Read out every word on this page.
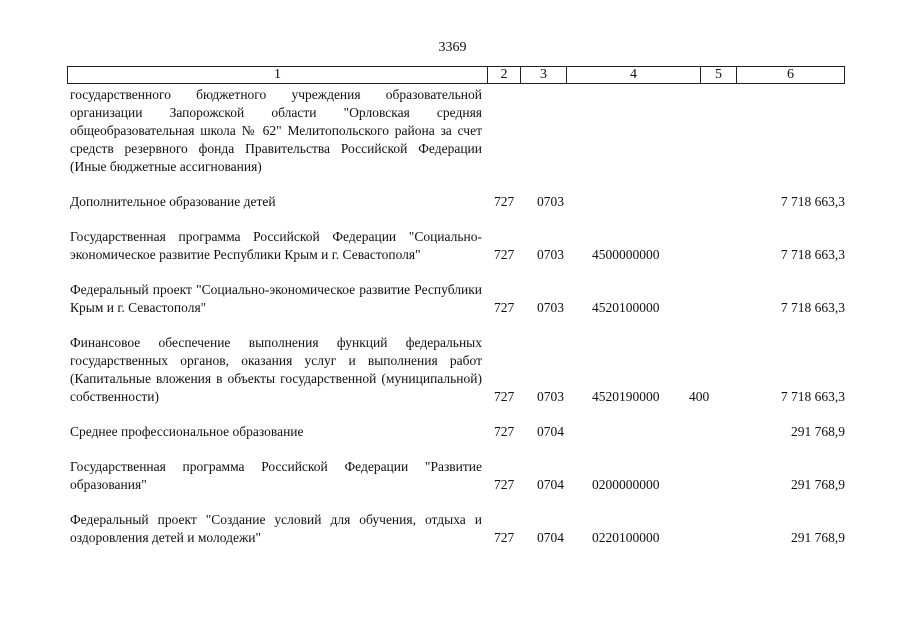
3369
1	2	3	4	5	6
государственного бюджетного учреждения образовательной организации Запорожской области "Орловская средняя общеобразовательная школа № 62" Мелитопольского района за счет средств резервного фонда Правительства Российской Федерации (Иные бюджетные ассигнования)
Дополнительное образование детей	727 0703	7 718 663,3
Государственная программа Российской Федерации "Социально-экономическое развитие Республики Крым и г. Севастополя"	727 0703 4500000000	7 718 663,3
Федеральный проект "Социально-экономическое развитие Республики Крым и г. Севастополя"	727 0703 4520100000	7 718 663,3
Финансовое обеспечение выполнения функций федеральных государственных органов, оказания услуг и выполнения работ (Капитальные вложения в объекты государственной (муниципальной) собственности)	727 0703 4520190000 400	7 718 663,3
Среднее профессиональное образование	727 0704	291 768,9
Государственная программа Российской Федерации "Развитие образования"	727 0704 0200000000	291 768,9
Федеральный проект "Создание условий для обучения, отдыха и оздоровления детей и молодежи"	727 0704 0220100000	291 768,9
